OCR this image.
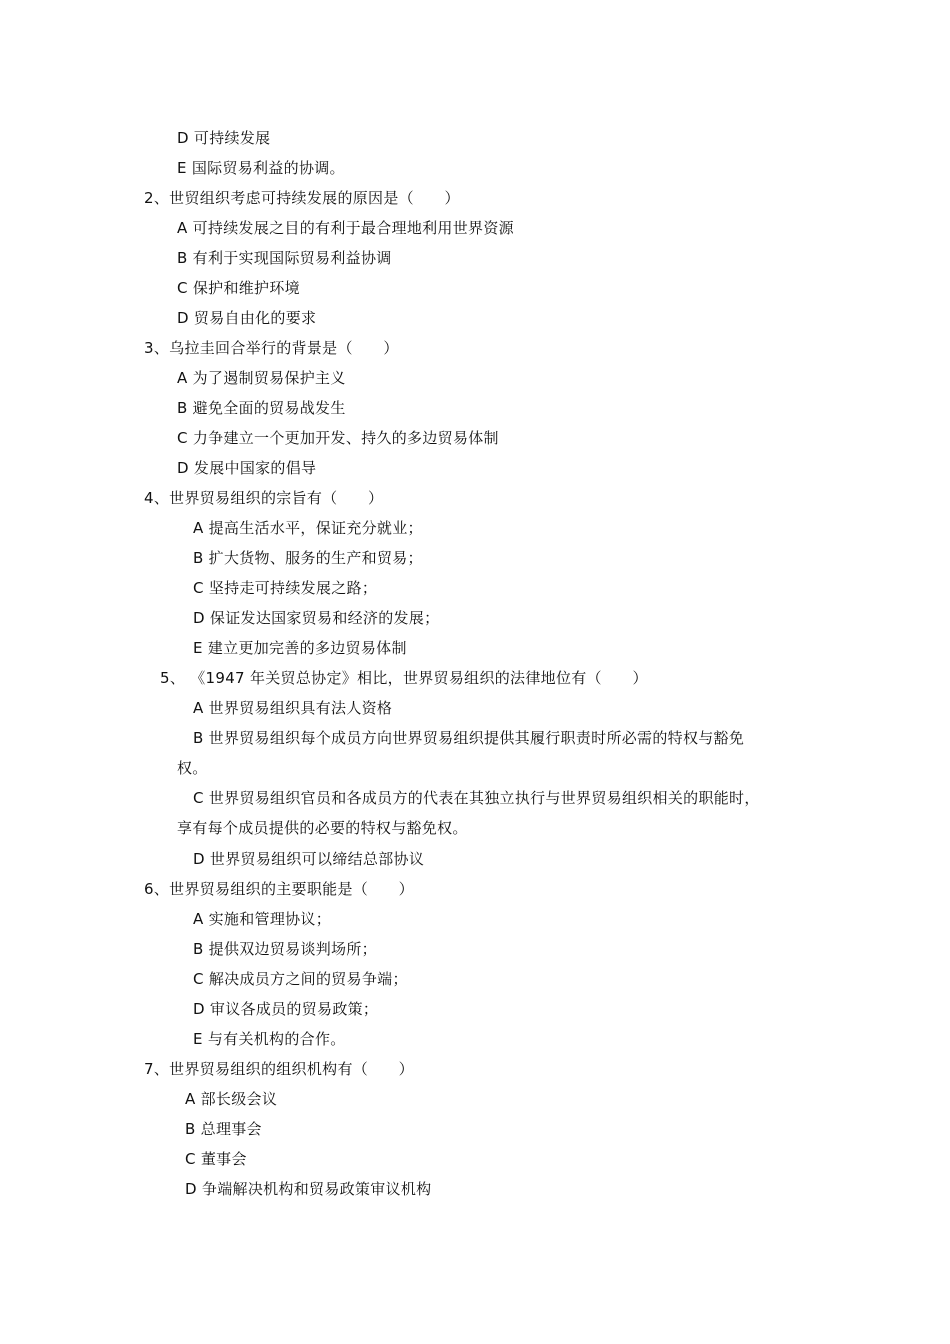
D 可持续发展
E 国际贸易利益的协调。
2、世贸组织考虑可持续发展的原因是（　　）
A 可持续发展之目的有利于最合理地利用世界资源
B 有利于实现国际贸易利益协调
C 保护和维护环境
D 贸易自由化的要求
3、乌拉圭回合举行的背景是（　　）
A 为了遏制贸易保护主义
B 避免全面的贸易战发生
C 力争建立一个更加开发、持久的多边贸易体制
D 发展中国家的倡导
4、世界贸易组织的宗旨有（　　）
A 提高生活水平，保证充分就业；
B 扩大货物、服务的生产和贸易；
C 坚持走可持续发展之路；
D 保证发达国家贸易和经济的发展；
E 建立更加完善的多边贸易体制
5、 《1947 年关贸总协定》相比，世界贸易组织的法律地位有（　　）
A 世界贸易组织具有法人资格
B 世界贸易组织每个成员方向世界贸易组织提供其履行职责时所必需的特权与豁免
权。
C 世界贸易组织官员和各成员方的代表在其独立执行与世界贸易组织相关的职能时，
享有每个成员提供的必要的特权与豁免权。
D 世界贸易组织可以缔结总部协议
6、世界贸易组织的主要职能是（　　）
A 实施和管理协议；
B 提供双边贸易谈判场所；
C 解决成员方之间的贸易争端；
D 审议各成员的贸易政策；
E 与有关机构的合作。
7、世界贸易组织的组织机构有（　　）
A 部长级会议
B 总理事会
C 董事会
D 争端解决机构和贸易政策审议机构
